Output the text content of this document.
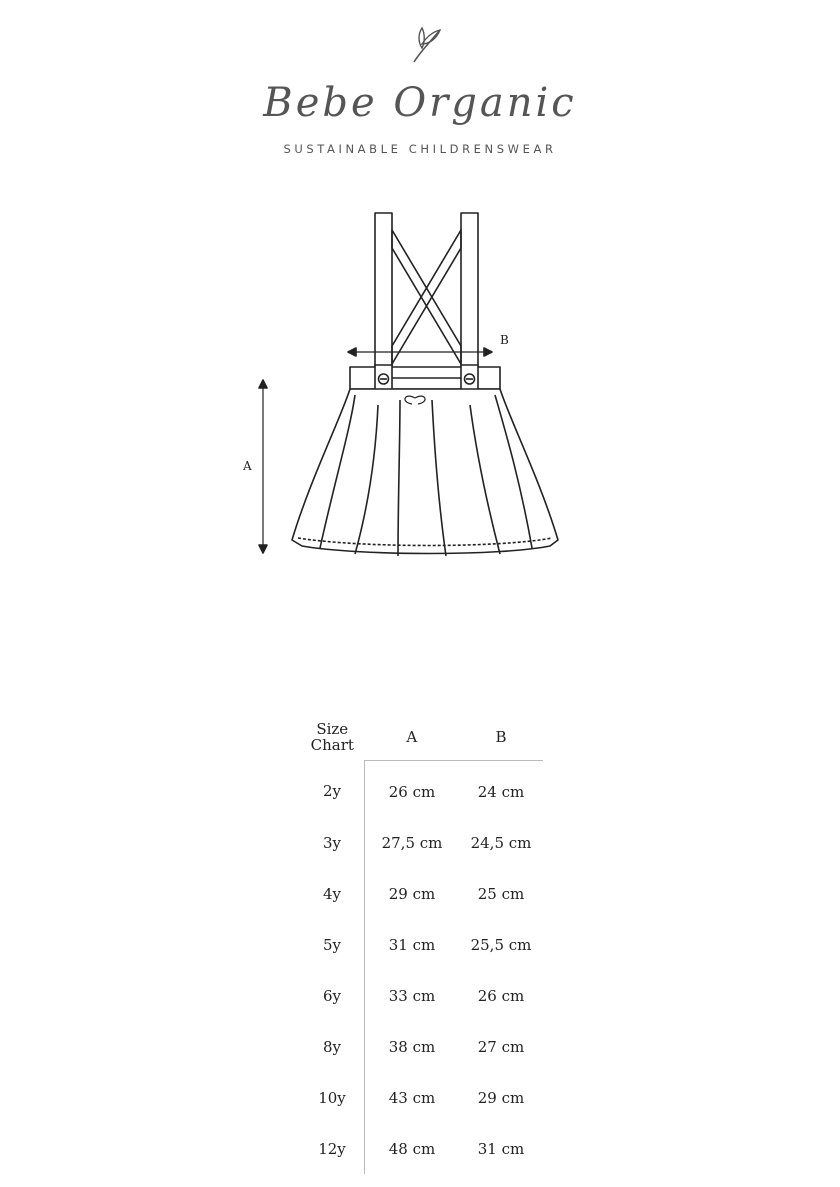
Bebe Organic
SUSTAINABLE CHILDRENSWEAR
A
B
Size
Chart	A	B
2y	26 cm	24 cm
3y	27,5 cm	24,5 cm
4y	29 cm	25 cm
5y	31 cm	25,5 cm
6y	33 cm	26 cm
8y	38 cm	27 cm
10y	43 cm	29 cm
12y	48 cm	31 cm
